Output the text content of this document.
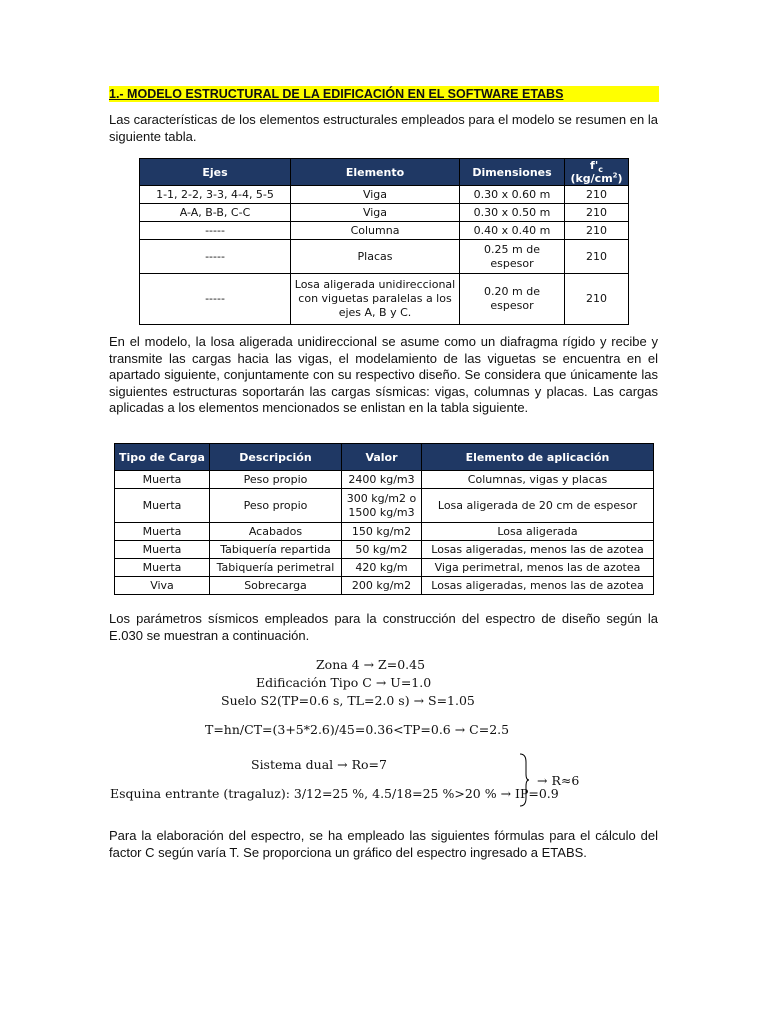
1.- MODELO ESTRUCTURAL DE LA EDIFICACIÓN EN EL SOFTWARE ETABS
Las características de los elementos estructurales empleados para el modelo se resumen en la siguiente tabla.
Ejes	Elemento	Dimensiones	$f'_c$ $(kg/cm^2)$
1-1, 2-2, 3-3, 4-4, 5-5	Viga	0.30 x 0.60 m	210
A-A, B-B, C-C	Viga	0.30 x 0.50 m	210
-----	Columna	0.40 x 0.40 m	210
-----	Placas	0.25 m de espesor	210
-----	Losa aligerada unidireccional con viguetas paralelas a los ejes A, B y C.	0.20 m de espesor	210
En el modelo, la losa aligerada unidireccional se asume como un diafragma rígido y recibe y transmite las cargas hacia las vigas, el modelamiento de las viguetas se encuentra en el apartado siguiente, conjuntamente con su respectivo diseño. Se considera que únicamente las siguientes estructuras soportarán las cargas sísmicas: vigas, columnas y placas. Las cargas aplicadas a los elementos mencionados se enlistan en la tabla siguiente.
Tipo de Carga	Descripción	Valor	Elemento de aplicación
Muerta	Peso propio	2400 kg/m3	Columnas, vigas y placas
Muerta	Peso propio	300 kg/m2 o 1500 kg/m3	Losa aligerada de 20 cm de espesor
Muerta	Acabados	150 kg/m2	Losa aligerada
Muerta	Tabiquería repartida	50 kg/m2	Losas aligeradas, menos las de azotea
Muerta	Tabiquería perimetral	420 kg/m	Viga perimetral, menos las de azotea
Viva	Sobrecarga	200 kg/m2	Losas aligeradas, menos las de azotea
Los parámetros sísmicos empleados para la construcción del espectro de diseño según la E.030 se muestran a continuación.
Zona 4 → Z=0.45
Edificación Tipo C → U=1.0
Suelo S2(TP=0.6 s, TL=2.0 s) → S=1.05
T=hn/CT=(3+5*2.6)/45=0.36<TP=0.6 → C=2.5
Sistema dual → Ro=7
Esquina entrante (tragaluz): 3/12=25 %, 4.5/18=25 %>20 % → IP=0.9
→ R≈6
Para la elaboración del espectro, se ha empleado las siguientes fórmulas para el cálculo del factor C según varía T. Se proporciona un gráfico del espectro ingresado a ETABS.
